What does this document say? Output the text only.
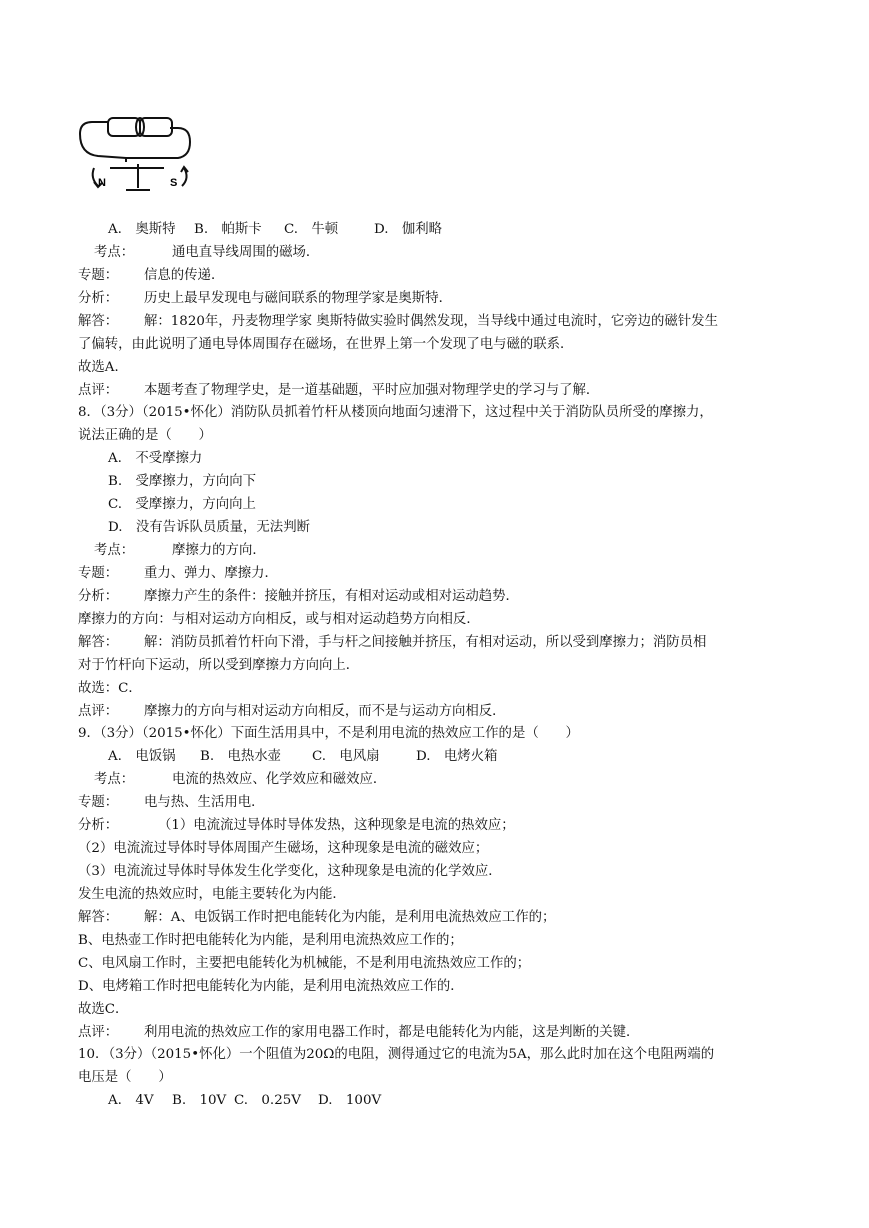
N	S
A.　奥斯特 B.　帕斯卡 C.　牛顿	D.　伽利略
考点：	通电直导线周围的磁场．
专题： 信息的传递．
分析： 历史上最早发现电与磁间联系的物理学家是奥斯特．
解答： 解：1820年，丹麦物理学家 奥斯特做实验时偶然发现，当导线中通过电流时，它旁边的磁针发生
了偏转，由此说明了通电导体周围存在磁场，在世界上第一个发现了电与磁的联系．
故选A．
点评： 本题考查了物理学史，是一道基础题，平时应加强对物理学史的学习与了解．
8．（3分）（2015•怀化）消防队员抓着竹杆从楼顶向地面匀速滑下，这过程中关于消防队员所受的摩擦力，
说法正确的是（　　）
A.　不受摩擦力
B.　受摩擦力，方向向下
C.　受摩擦力，方向向上
D.　没有告诉队员质量，无法判断
考点：	摩擦力的方向．
专题： 重力、弹力、摩擦力．
分析： 摩擦力产生的条件：接触并挤压，有相对运动或相对运动趋势．
摩擦力的方向：与相对运动方向相反，或与相对运动趋势方向相反．
解答： 解：消防员抓着竹杆向下滑，手与杆之间接触并挤压，有相对运动，所以受到摩擦力；消防员相
对于竹杆向下运动，所以受到摩擦力方向向上．
故选：C．
点评： 摩擦力的方向与相对运动方向相反，而不是与运动方向相反．
9．（3分）（2015•怀化）下面生活用具中，不是利用电流的热效应工作的是（　　）
A.　电饭锅 B.　电热水壶 C.　电风扇	D.　电烤火箱
考点：	电流的热效应、化学效应和磁效应．
专题： 电与热、生活用电．
分析：	（1）电流流过导体时导体发热，这种现象是电流的热效应；
（2）电流流过导体时导体周围产生磁场，这种现象是电流的磁效应；
（3）电流流过导体时导体发生化学变化，这种现象是电流的化学效应．
发生电流的热效应时，电能主要转化为内能．
解答： 解：A、电饭锅工作时把电能转化为内能，是利用电流热效应工作的；
B、电热壶工作时把电能转化为内能，是利用电流热效应工作的；
C、电风扇工作时，主要把电能转化为机械能，不是利用电流热效应工作的；
D、电烤箱工作时把电能转化为内能，是利用电流热效应工作的．
故选C．
点评： 利用电流的热效应工作的家用电器工作时，都是电能转化为内能，这是判断的关键．
10．（3分）（2015•怀化）一个阻值为20Ω的电阻，测得通过它的电流为5A，那么此时加在这个电阻两端的
电压是（　　）
A.　4V B.　10V C.　0.25V D.　100V
